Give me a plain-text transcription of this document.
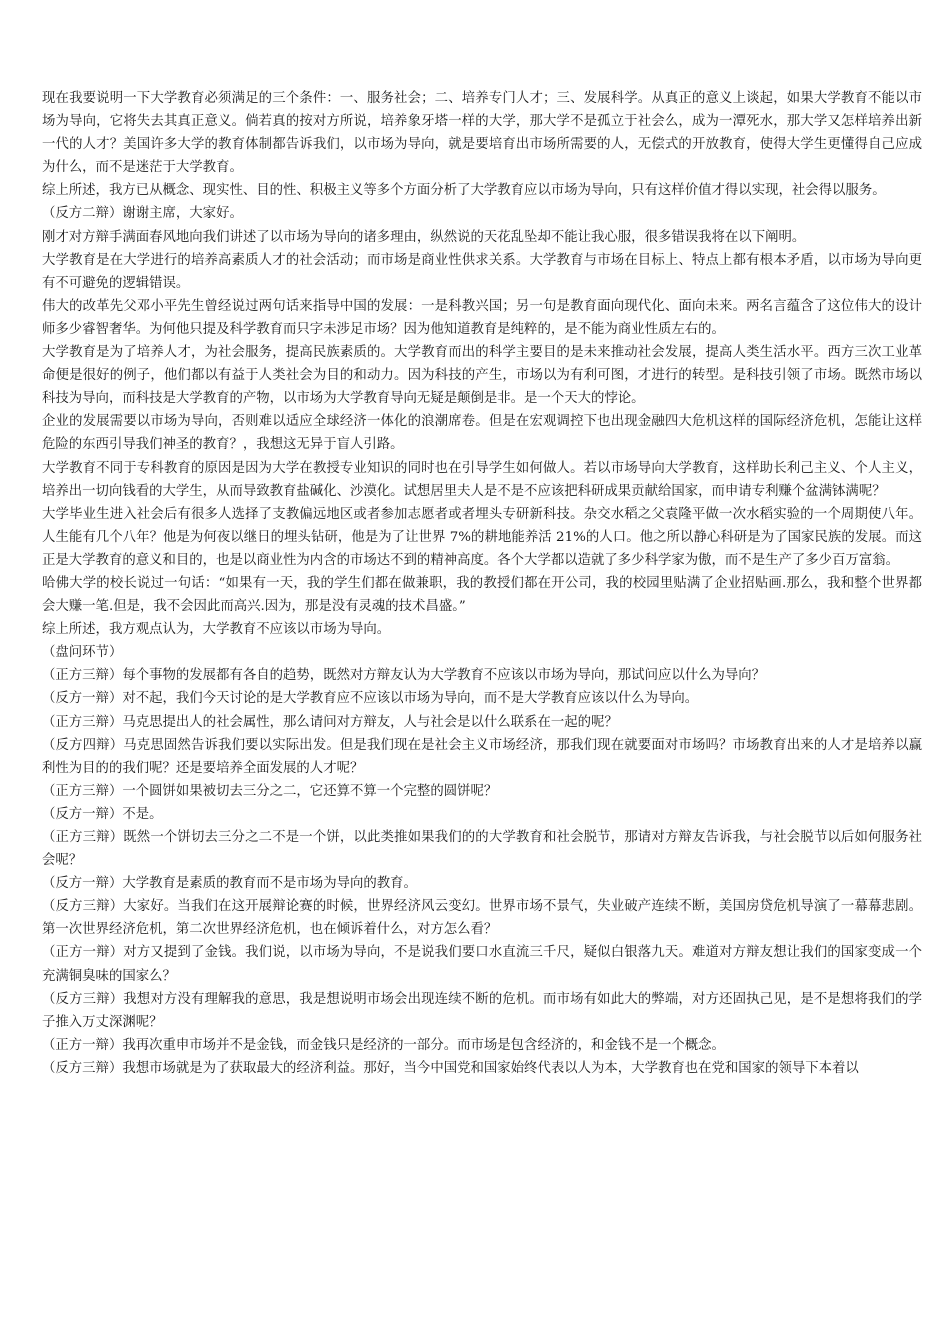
现在我要说明一下大学教育必须满足的三个条件：一、服务社会；二、培养专门人才；三、发展科学。从真正的意义上谈起，如果大学教育不能以市场为导向，它将失去其真正意义。倘若真的按对方所说，培养象牙塔一样的大学，那大学不是孤立于社会么，成为一潭死水，那大学又怎样培养出新一代的人才？美国许多大学的教育体制都告诉我们，以市场为导向，就是要培育出市场所需要的人，无偿式的开放教育，使得大学生更懂得自己应成为什么，而不是迷茫于大学教育。

综上所述，我方已从概念、现实性、目的性、积极主义等多个方面分析了大学教育应以市场为导向，只有这样价值才得以实现，社会得以服务。

（反方二辩）谢谢主席，大家好。

刚才对方辩手满面春风地向我们讲述了以市场为导向的诸多理由，纵然说的天花乱坠却不能让我心服，很多错误我将在以下阐明。

大学教育是在大学进行的培养高素质人才的社会活动；而市场是商业性供求关系。大学教育与市场在目标上、特点上都有根本矛盾，以市场为导向更有不可避免的逻辑错误。

伟大的改革先父邓小平先生曾经说过两句话来指导中国的发展：一是科教兴国；另一句是教育面向现代化、面向未来。两名言蕴含了这位伟大的设计师多少睿智奢华。为何他只提及科学教育而只字未涉足市场？因为他知道教育是纯粹的，是不能为商业性质左右的。

大学教育是为了培养人才，为社会服务，提高民族素质的。大学教育而出的科学主要目的是未来推动社会发展，提高人类生活水平。西方三次工业革命便是很好的例子，他们都以有益于人类社会为目的和动力。因为科技的产生，市场以为有利可图，才进行的转型。是科技引领了市场。既然市场以科技为导向，而科技是大学教育的产物，以市场为大学教育导向无疑是颠倒是非。是一个天大的悖论。

企业的发展需要以市场为导向，否则难以适应全球经济一体化的浪潮席卷。但是在宏观调控下也出现金融四大危机这样的国际经济危机，怎能让这样危险的东西引导我们神圣的教育？，我想这无异于盲人引路。

大学教育不同于专科教育的原因是因为大学在教授专业知识的同时也在引导学生如何做人。若以市场导向大学教育，这样助长利己主义、个人主义，培养出一切向钱看的大学生，从而导致教育盐碱化、沙漠化。试想居里夫人是不是不应该把科研成果贡献给国家，而申请专利赚个盆满钵满呢？

大学毕业生进入社会后有很多人选择了支教偏远地区或者参加志愿者或者埋头专研新科技。杂交水稻之父袁隆平做一次水稻实验的一个周期使八年。人生能有几个八年？他是为何夜以继日的埋头钻研，他是为了让世界 7%的耕地能养活 21%的人口。他之所以静心科研是为了国家民族的发展。而这正是大学教育的意义和目的，也是以商业性为内含的市场达不到的精神高度。各个大学都以造就了多少科学家为傲，而不是生产了多少百万富翁。

哈佛大学的校长说过一句话：“如果有一天，我的学生们都在做兼职，我的教授们都在开公司，我的校园里贴满了企业招贴画.那么，我和整个世界都会大赚一笔.但是，我不会因此而高兴.因为，那是没有灵魂的技术昌盛。”

综上所述，我方观点认为，大学教育不应该以市场为导向。

（盘问环节）

（正方三辩）每个事物的发展都有各自的趋势，既然对方辩友认为大学教育不应该以市场为导向，那试问应以什么为导向？

（反方一辩）对不起，我们今天讨论的是大学教育应不应该以市场为导向，而不是大学教育应该以什么为导向。

（正方三辩）马克思提出人的社会属性，那么请问对方辩友，人与社会是以什么联系在一起的呢？

（反方四辩）马克思固然告诉我们要以实际出发。但是我们现在是社会主义市场经济，那我们现在就要面对市场吗？市场教育出来的人才是培养以赢利性为目的的我们呢？还是要培养全面发展的人才呢？

（正方三辩）一个圆饼如果被切去三分之二，它还算不算一个完整的圆饼呢？

（反方一辩）不是。

（正方三辩）既然一个饼切去三分之二不是一个饼，以此类推如果我们的的大学教育和社会脱节，那请对方辩友告诉我，与社会脱节以后如何服务社会呢？

（反方一辩）大学教育是素质的教育而不是市场为导向的教育。

（反方三辩）大家好。当我们在这开展辩论赛的时候，世界经济风云变幻。世界市场不景气，失业破产连续不断，美国房贷危机导演了一幕幕悲剧。第一次世界经济危机，第二次世界经济危机，也在倾诉着什么，对方怎么看？

（正方一辩）对方又提到了金钱。我们说，以市场为导向，不是说我们要口水直流三千尺，疑似白银落九天。难道对方辩友想让我们的国家变成一个充满铜臭味的国家么？

（反方三辩）我想对方没有理解我的意思，我是想说明市场会出现连续不断的危机。而市场有如此大的弊端，对方还固执己见，是不是想将我们的学子推入万丈深渊呢？

（正方一辩）我再次重申市场并不是金钱，而金钱只是经济的一部分。而市场是包含经济的，和金钱不是一个概念。

（反方三辩）我想市场就是为了获取最大的经济利益。那好，当今中国党和国家始终代表以人为本，大学教育也在党和国家的领导下本着以
